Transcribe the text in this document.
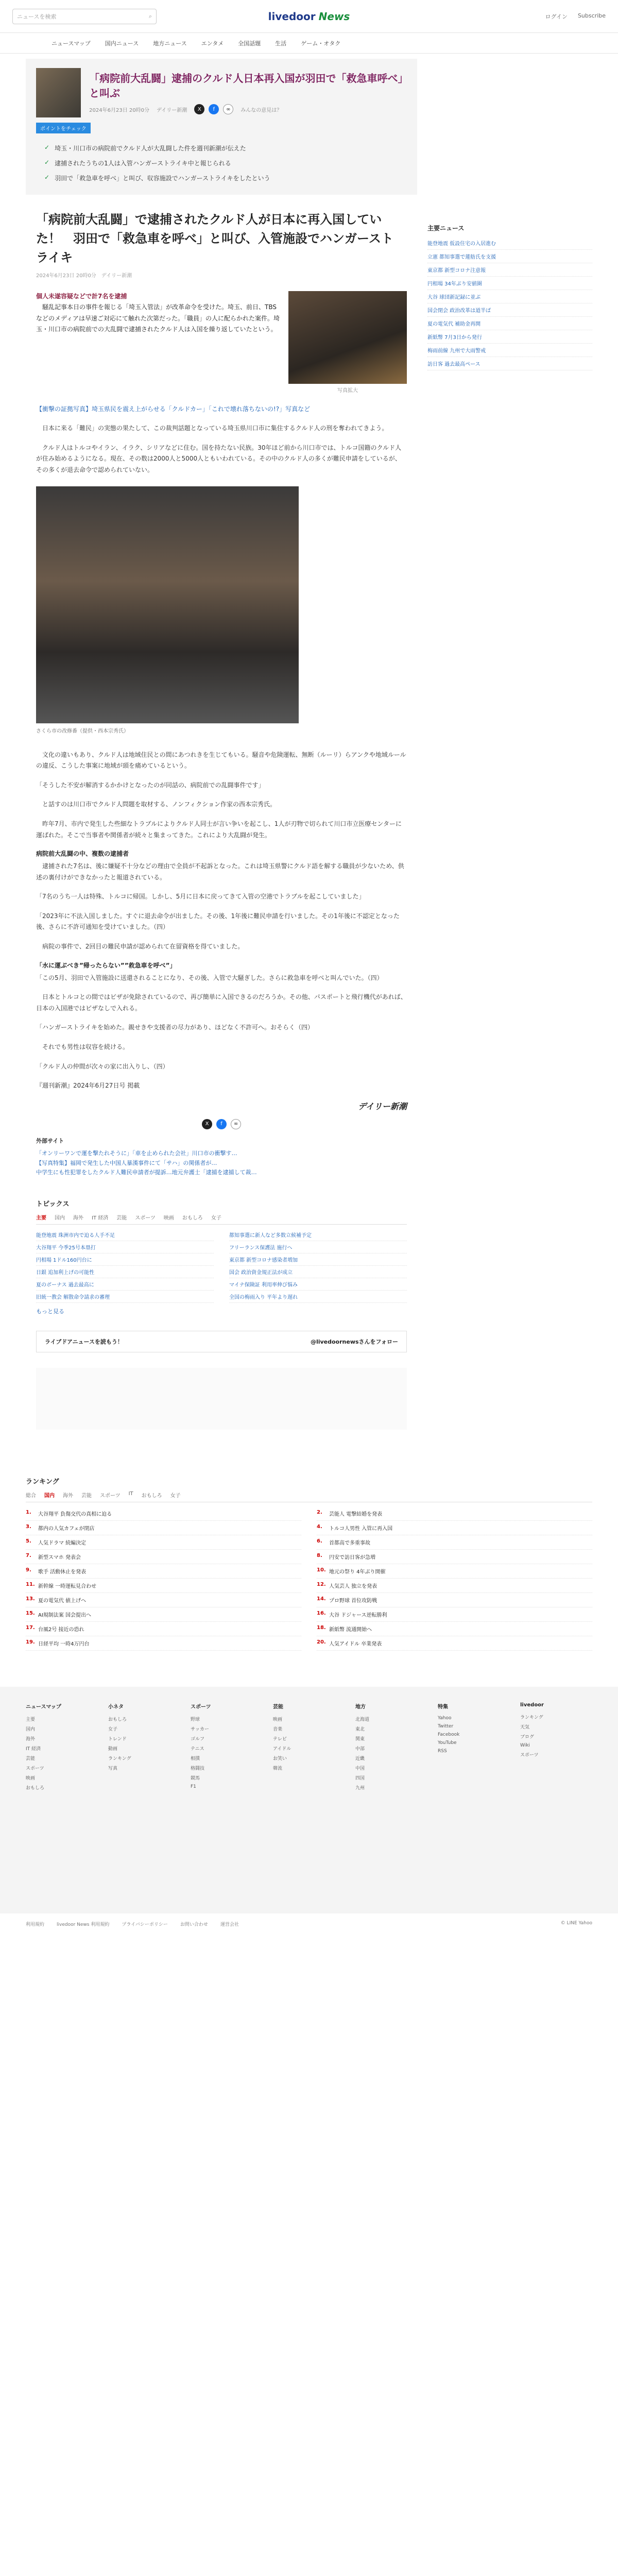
ニュースを検索	⌕	livedoor News	ログイン Subscribe
ニュースマップ	国内ニュース	地方ニュース	エンタメ	全国話題	生活	ゲーム・オタク
「病院前大乱闘」逮捕のクルド人日本再入国が羽田で「救急車呼べ」と叫ぶ
2024年6月23日 20時0分 デイリー新潮	X	f	∞	みんなの意見は？
ポイントをチェック
✓ 埼玉・川口市の病院前でクルド人が大乱闘した件を週刊新潮が伝えた
✓ 逮捕されたうちの1人は入管ハンガーストライキ中と報じられる
✓ 羽田で「救急車を呼べ」と叫び、収容施設でハンガーストライキをしたという
「病院前大乱闘」で逮捕されたクルド人が日本に再入国していた！　羽田で「救急車を呼べ」と叫び、入管施設でハンガーストライキ
2024年6月23日 20時0分　デイリー新潮
個人未遂容疑などで計7名を逮捕

　騒乱記事本日の事件を報じる「埼玉入管法」が改革命令を受けた。埼玉、前日、TBSなどのメディアは早速ご対応にて触れた次第だった。「職員」の人に配らかれた案件。埼玉・川口市の病院前での大乱闘で逮捕されたクルド人は入国を繰り返していたという。

写真拡大

【衝撃の証拠写真】埼玉県民を震え上がらせる「クルドカー」「これで壊れ落ちないの!?」写真など

　日本に来る「難民」の実態の果たして、この裁判話題となっている埼玉県川口市に集住するクルド人の刑を奪われてきよう。

　クルド人はトルコやイラン、イラク、シリアなどに住む。国を持たない民族。30年ほど前から川口市では、トルコ国籍のクルド人が住み始めるようになる。現在、その数は2000人と5000人ともいわれている。その中のクルド人の多くが難民申請をしているが、その多くが退去命令で認められていない。

さくら市の改修番（提供・西本宗秀氏）

　文化の違いもあり、クルド人は地域住民との間にあつれきを生じてもいる。騒音や危険運転、無断（ルーリ）らアンクや地域ルールの違反、こうした事案に地域が頭を痛めているという。

「そうした不安が解消するかかけとなったのが同話の、病院前での乱闘事件です」

　と話すのは川口市でクルド人問題を取材する、ノンフィクション作家の西本宗秀氏。

　昨年7月、市内で発生した些細なトラブルによりクルド人同士が言い争いを起こし、1人が刃物で切られて川口市立医療センターに運ばれた。そこで当事者や関係者が続々と集まってきた。これにより大乱闘が発生。

病院前大乱闘の中、複数の逮捕者

　逮捕された7名は、後に嫌疑不十分などの理由で全員が不起訴となった。これは埼玉県警にクルド語を解する職員が少ないため、供述の裏付けができなかったと報道されている。

「7名のうち一人は特殊、トルコに帰国。しかし、5月に日本に戻ってきて入管の空港でトラブルを起こしていました」

「2023年に不法入国しました。すぐに退去命令が出ました。その後、1年後に難民申請を行いました。その1年後に不認定となった後、さらに不許可通知を受けていました。（四）

　病院の事件で、2回目の難民申請が認められて在留資格を得ていました。

「水に運ぶべき”帰ったらない””救急車を呼べ”」

「この5月、羽田で入管施設に送還されることになり、その後、入管で大騒ぎした。さらに救急車を呼べと叫んでいた。（四）

　日本とトルコとの間ではビザが免除されているので、再び簡単に入国できるのだろうか。その他、パスポートと飛行機代があれば、日本の入国港ではビザなしで入れる。

「ハンガーストライキを始めた。親せきや支援者の尽力があり、ほどなく不許可へ。おそらく（四）

　それでも男性は収容を続ける。

「クルド人の仲間が次々の家に出入りし、（四）

『週刊新潮』2024年6月27日号 掲載

デイリー新潮
X	f	∞
外部サイト

「オンリーワンで運を撃たれそうに」「車を止められた会社」川口市の衝撃す…

【写真特集】福岡で発生した中国人暴漢事件にて「サハ」の関係者が…

中学生にも性犯罪をしたクルド人難民申請者が提訴…地元弁護士「逮捕を逮捕して裁…

トピックス
主要 国内 海外 IT 経済 芸能 スポーツ 映画 おもしろ 女子
能登地震 珠洲市内で迫る人手不足	都知事選に新人など多数立候補予定
大谷翔平 今季25号本塁打	フリーランス保護法 施行へ
円相場 1ドル160円台に	東京都 新型コロナ感染者増加
日銀 追加利上げの可能性	国会 政治資金規正法が成立
夏のボーナス 過去最高に	マイナ保険証 利用率伸び悩み
旧統一教会 解散命令請求の審理	全国の梅雨入り 平年より遅れ
もっと見る
ライブドアニュースを読もう！	@livedoornewsさんをフォロー
主要ニュース
能登地震 仮設住宅の入居進む
立憲 都知事選で蓮舫氏を支援
東京都 新型コロナ注意報
円相場 34年ぶり安値圏
大谷 球団新記録に並ぶ
国会閉会 政治改革は道半ば
夏の電気代 補助金再開
新紙幣 7月3日から発行
梅雨前線 九州で大雨警戒
訪日客 過去最高ペース
ランキング
総合 国内 海外 芸能 スポーツ IT おもしろ 女子
1.	大谷翔平 負傷交代の真相に迫る	2.	芸能人 電撃結婚を発表
3.	都内の人気カフェが閉店	4.	トルコ人男性 入管に再入国
5.	人気ドラマ 続編決定	6.	首都高で多重事故
7.	新型スマホ 発表会	8.	円安で訪日客が急増
9.	歌手 活動休止を発表	10. 地元の祭り 4年ぶり開催
11. 新幹線 一時運転見合わせ	12. 人気芸人 独立を発表
13. 夏の電気代 値上げへ	14. プロ野球 首位攻防戦
15. AI規制法案 国会提出へ	16. 大谷 ドジャース逆転勝利
17. 台風2号 接近の恐れ	18. 新紙幣 流通開始へ
19. 日経平均 一時4万円台	20. 人気アイドル 卒業発表
ニュースマップ
主要
国内
海外
IT 経済
芸能
スポーツ
映画
おもしろ
小ネタ
おもしろ
女子
トレンド
動画
ランキング
写真
スポーツ
野球
サッカー
ゴルフ
テニス
相撲
格闘技
競馬
F1
芸能
映画
音楽
テレビ
アイドル
お笑い
韓流
地方
北海道
東北
関東
中部
近畿
中国
四国
九州
特集
Yahoo
Twitter
Facebook
YouTube
RSS
livedoor
ランキング
天気
ブログ
Wiki
スポーツ
利用規約	livedoor News 利用規約	プライバシーポリシー	お問い合わせ	運営会社	© LINE Yahoo
